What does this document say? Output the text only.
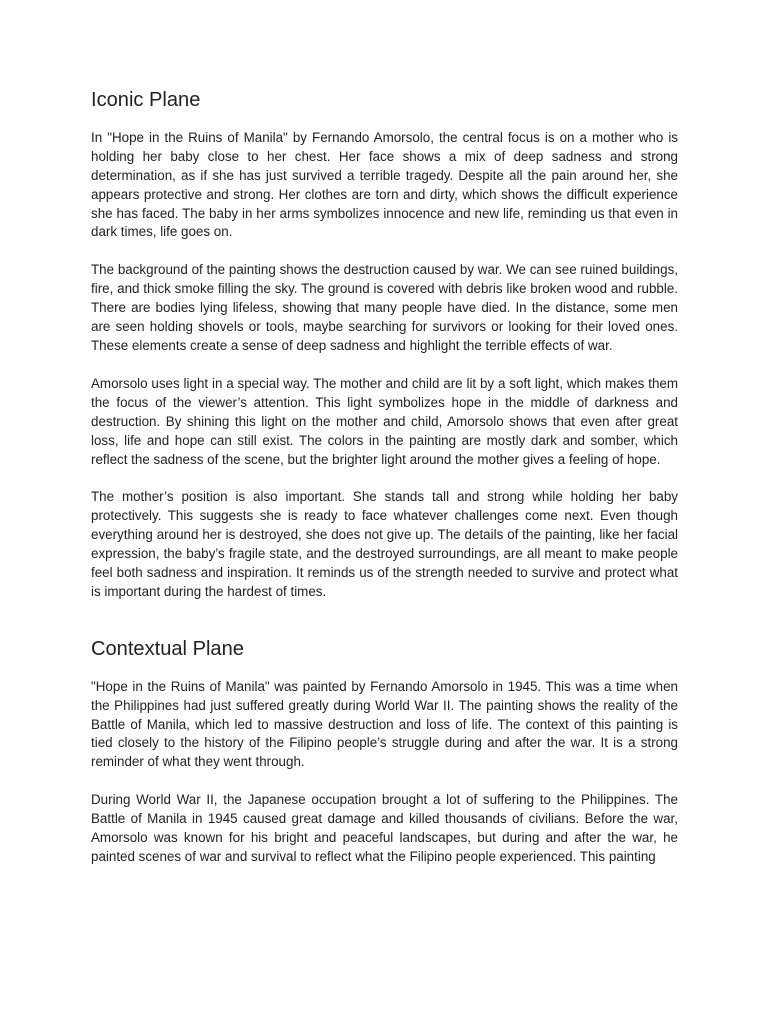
Iconic Plane

In "Hope in the Ruins of Manila" by Fernando Amorsolo, the central focus is on a mother who is holding her baby close to her chest. Her face shows a mix of deep sadness and strong determination, as if she has just survived a terrible tragedy. Despite all the pain around her, she appears protective and strong. Her clothes are torn and dirty, which shows the difficult experience she has faced. The baby in her arms symbolizes innocence and new life, reminding us that even in dark times, life goes on.

The background of the painting shows the destruction caused by war. We can see ruined buildings, fire, and thick smoke filling the sky. The ground is covered with debris like broken wood and rubble. There are bodies lying lifeless, showing that many people have died. In the distance, some men are seen holding shovels or tools, maybe searching for survivors or looking for their loved ones. These elements create a sense of deep sadness and highlight the terrible effects of war.

Amorsolo uses light in a special way. The mother and child are lit by a soft light, which makes them the focus of the viewer’s attention. This light symbolizes hope in the middle of darkness and destruction. By shining this light on the mother and child, Amorsolo shows that even after great loss, life and hope can still exist. The colors in the painting are mostly dark and somber, which reflect the sadness of the scene, but the brighter light around the mother gives a feeling of hope.

The mother’s position is also important. She stands tall and strong while holding her baby protectively. This suggests she is ready to face whatever challenges come next. Even though everything around her is destroyed, she does not give up. The details of the painting, like her facial expression, the baby’s fragile state, and the destroyed surroundings, are all meant to make people feel both sadness and inspiration. It reminds us of the strength needed to survive and protect what is important during the hardest of times.

Contextual Plane

"Hope in the Ruins of Manila" was painted by Fernando Amorsolo in 1945. This was a time when the Philippines had just suffered greatly during World War II. The painting shows the reality of the Battle of Manila, which led to massive destruction and loss of life. The context of this painting is tied closely to the history of the Filipino people’s struggle during and after the war. It is a strong reminder of what they went through.

During World War II, the Japanese occupation brought a lot of suffering to the Philippines. The Battle of Manila in 1945 caused great damage and killed thousands of civilians. Before the war, Amorsolo was known for his bright and peaceful landscapes, but during and after the war, he painted scenes of war and survival to reflect what the Filipino people experienced. This painting
